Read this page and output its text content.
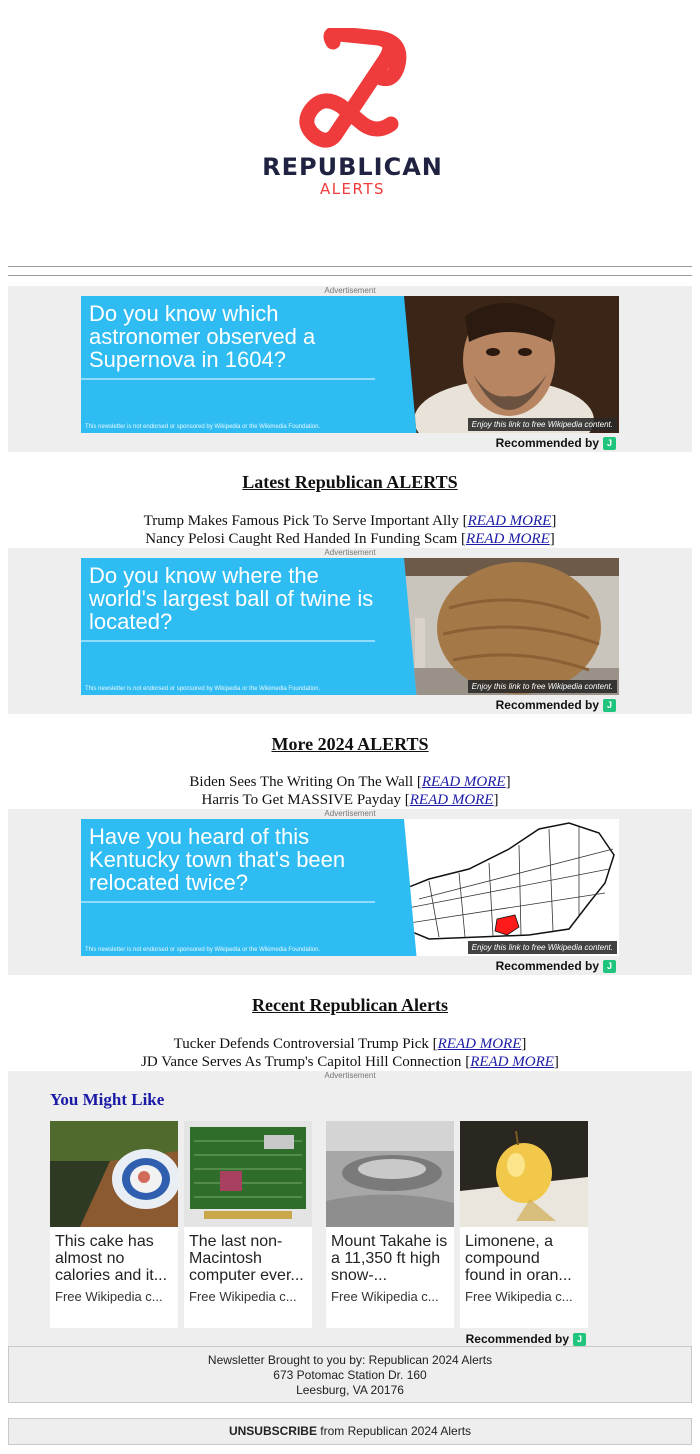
REPUBLICAN
ALERTS
Advertisement
Do you know which astronomer observed a Supernova in 1604?
This newsletter is not endorsed or sponsored by Wikipedia or the Wikimedia Foundation.	Enjoy this link to free Wikipedia content.
Recommended by J
Latest Republican ALERTS
Trump Makes Famous Pick To Serve Important Ally [READ MORE]
Nancy Pelosi Caught Red Handed In Funding Scam [READ MORE]
Advertisement
Do you know where the world's largest ball of twine is located?
This newsletter is not endorsed or sponsored by Wikipedia or the Wikimedia Foundation.	Enjoy this link to free Wikipedia content.
Recommended by J
More 2024 ALERTS
Biden Sees The Writing On The Wall [READ MORE]
Harris To Get MASSIVE Payday [READ MORE]
Advertisement
Have you heard of this Kentucky town that's been relocated twice?
This newsletter is not endorsed or sponsored by Wikipedia or the Wikimedia Foundation.	Enjoy this link to free Wikipedia content.
Recommended by J
Recent Republican Alerts
Tucker Defends Controversial Trump Pick [READ MORE]
JD Vance Serves As Trump's Capitol Hill Connection [READ MORE]
Advertisement
You Might Like
This cake has almost no calories and it...
Free Wikipedia c...
The last non-Macintosh computer ever...
Free Wikipedia c...
Mount Takahe is a 11,350 ft high snow-...
Free Wikipedia c...
Limonene, a compound found in oran...
Free Wikipedia c...
Recommended by J
Newsletter Brought to you by: Republican 2024 Alerts
673 Potomac Station Dr. 160
Leesburg, VA 20176
UNSUBSCRIBE from Republican 2024 Alerts
